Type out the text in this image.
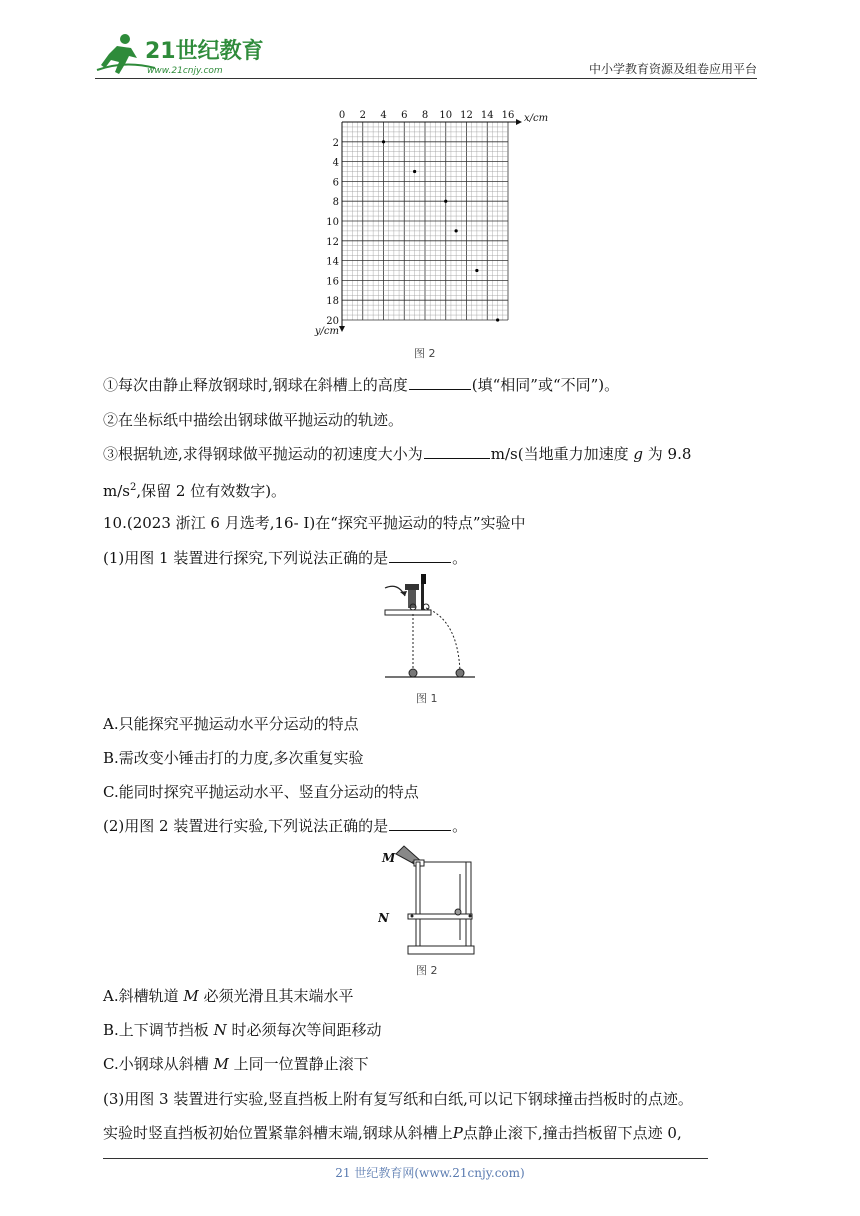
21世纪教育
www.21cnjy.com	中小学教育资源及组卷应用平台
0 2 4 6 8 10 12 14 16 x/cm
2
4
6
8
10
12
14
16
18
20
y/cm
图 2
①每次由静止释放钢球时,钢球在斜槽上的高度	(填“相同”或“不同”)。
②在坐标纸中描绘出钢球做平抛运动的轨迹。
③根据轨迹,求得钢球做平抛运动的初速度大小为	m/s(当地重力加速度 g 为 9.8
$m/s^2$,保留 2 位有效数字)。
10.(2023 浙江 6 月选考,16- Ⅰ)在“探究平抛运动的特点”实验中
(1)用图 1 装置进行探究,下列说法正确的是	。
图 1
A.只能探究平抛运动水平分运动的特点
B.需改变小锤击打的力度,多次重复实验
C.能同时探究平抛运动水平、竖直分运动的特点
(2)用图 2 装置进行实验,下列说法正确的是	。
M
N
图 2
A.斜槽轨道 M 必须光滑且其末端水平
B.上下调节挡板 N 时必须每次等间距移动
C.小钢球从斜槽 M 上同一位置静止滚下
(3)用图 3 装置进行实验,竖直挡板上附有复写纸和白纸,可以记下钢球撞击挡板时的点迹。
实验时竖直挡板初始位置紧靠斜槽末端,钢球从斜槽上P点静止滚下,撞击挡板留下点迹 0,
21 世纪教育网(www.21cnjy.com)
